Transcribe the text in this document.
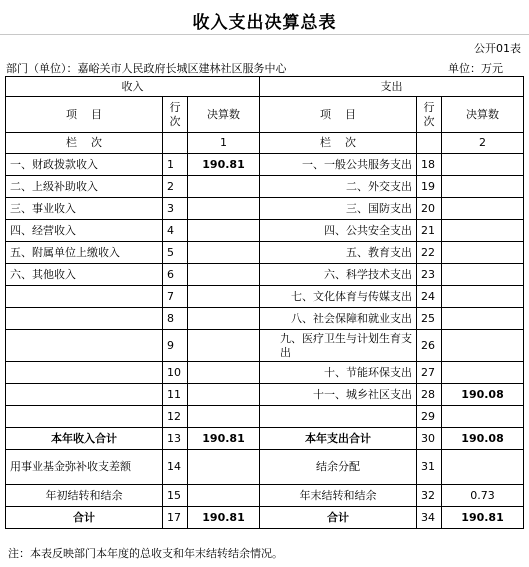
收入支出决算总表
公开01表
部门（单位）：嘉峪关市人民政府长城区建林社区服务中心	单位：万元
收入			支出		
项    目	行次	决算数	项    目	行次	决算数
栏    次		1	栏    次		2
一、财政拨款收入	1	190.81	一、一般公共服务支出	18	
二、上级补助收入	2		二、外交支出	19	
三、事业收入	3		三、国防支出	20	
四、经营收入	4		四、公共安全支出	21	
五、附属单位上缴收入	5		五、教育支出	22	
六、其他收入	6		六、科学技术支出	23	
	7		七、文化体育与传媒支出	24	
	8		八、社会保障和就业支出	25	
	9		九、医疗卫生与计划生育支出	26	
	10		十、节能环保支出	27	
	11		十一、城乡社区支出	28	190.08
	12			29	
本年收入合计	13	190.81	本年支出合计	30	190.08
用事业基金弥补收支差额	14		结余分配	31	
年初结转和结余	15		年末结转和结余	32	0.73
合计	17	190.81	合计	34	190.81
注：本表反映部门本年度的总收支和年末结转结余情况。
